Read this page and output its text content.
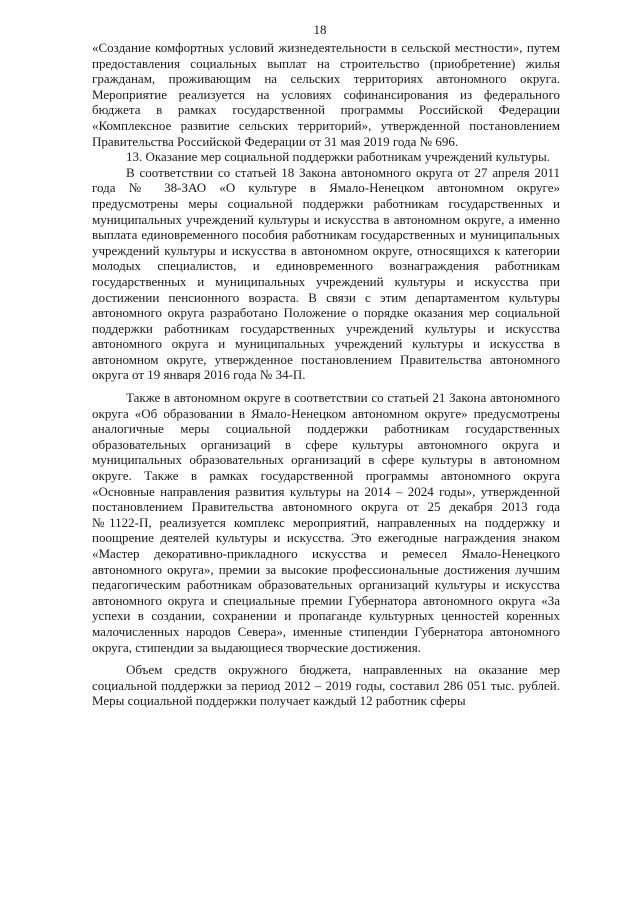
18

«Создание комфортных условий жизнедеятельности в сельской местности», путем предоставления социальных выплат на строительство (приобретение) жилья гражданам, проживающим на сельских территориях автономного округа. Мероприятие реализуется на условиях софинансирования из федерального бюджета в рамках государственной программы Российской Федерации «Комплексное развитие сельских территорий», утвержденной постановлением Правительства Российской Федерации от 31 мая 2019 года № 696.

13. Оказание мер социальной поддержки работникам учреждений культуры.

В соответствии со статьей 18 Закона автономного округа от 27 апреля 2011 года № 38-ЗАО «О культуре в Ямало-Ненецком автономном округе» предусмотрены меры социальной поддержки работникам государственных и муниципальных учреждений культуры и искусства в автономном округе, а именно выплата единовременного пособия работникам государственных и муниципальных учреждений культуры и искусства в автономном округе, относящихся к категории молодых специалистов, и единовременного вознаграждения работникам государственных и муниципальных учреждений культуры и искусства при достижении пенсионного возраста. В связи с этим департаментом культуры автономного округа разработано Положение о порядке оказания мер социальной поддержки работникам государственных учреждений культуры и искусства автономного округа и муниципальных учреждений культуры и искусства в автономном округе, утвержденное постановлением Правительства автономного округа от 19 января 2016 года № 34-П.

Также в автономном округе в соответствии со статьей 21 Закона автономного округа «Об образовании в Ямало-Ненецком автономном округе» предусмотрены аналогичные меры социальной поддержки работникам государственных образовательных организаций в сфере культуры автономного округа и муниципальных образовательных организаций в сфере культуры в автономном округе. Также в рамках государственной программы автономного округа «Основные направления развития культуры на 2014 – 2024 годы», утвержденной постановлением Правительства автономного округа от 25 декабря 2013 года №1122-П, реализуется комплекс мероприятий, направленных на поддержку и поощрение деятелей культуры и искусства. Это ежегодные награждения знаком «Мастер декоративно-прикладного искусства и ремесел Ямало-Ненецкого автономного округа», премии за высокие профессиональные достижения лучшим педагогическим работникам образовательных организаций культуры и искусства автономного округа и специальные премии Губернатора автономного округа «За успехи в создании, сохранении и пропаганде культурных ценностей коренных малочисленных народов Севера», именные стипендии Губернатора автономного округа, стипендии за выдающиеся творческие достижения.

Объем средств окружного бюджета, направленных на оказание мер социальной поддержки за период 2012 – 2019 годы, составил 286 051 тыс. рублей. Меры социальной поддержки получает каждый 12 работник сферы
